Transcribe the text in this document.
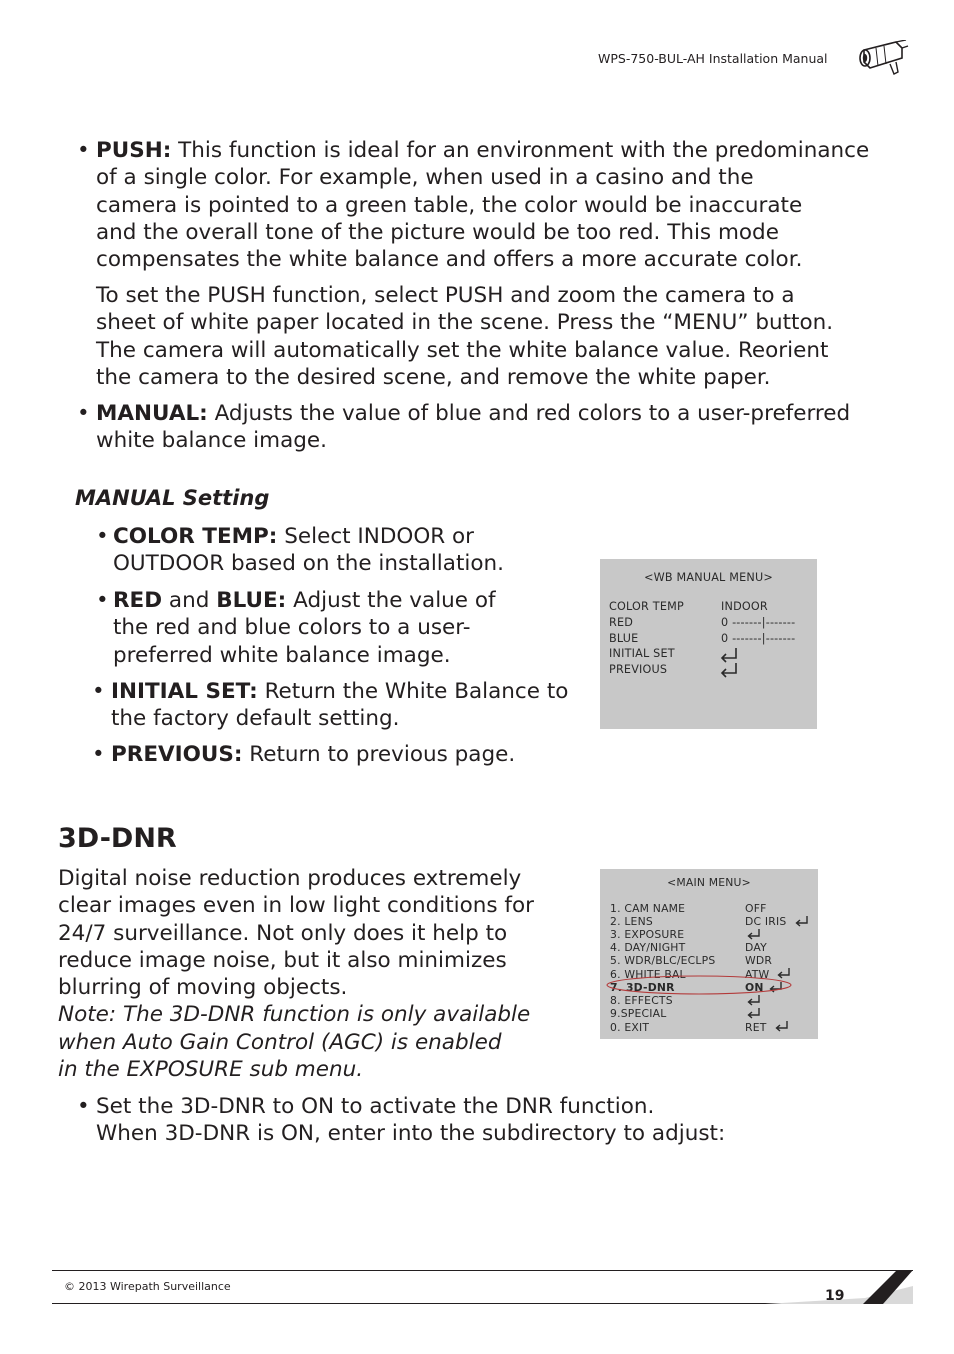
WPS-750-BUL-AH Installation Manual
• PUSH: This function is ideal for an environment with the predominance
of a single color. For example, when used in a casino and the
camera is pointed to a green table, the color would be inaccurate
and the overall tone of the picture would be too red. This mode
compensates the white balance and offers a more accurate color.
To set the PUSH function, select PUSH and zoom the camera to a
sheet of white paper located in the scene. Press the “MENU” button.
The camera will automatically set the white balance value. Reorient
the camera to the desired scene, and remove the white paper.
• MANUAL: Adjusts the value of blue and red colors to a user-preferred
white balance image.
MANUAL Setting
• COLOR TEMP: Select INDOOR or
OUTDOOR based on the installation.
• RED and BLUE: Adjust the value of
the red and blue colors to a user-
preferred white balance image.
• INITIAL SET: Return the White Balance to
the factory default setting.
• PREVIOUS: Return to previous page.
<WB MANUAL MENU>
COLOR TEMP	INDOOR
RED	0 -------|-------
BLUE	0 -------|-------
INITIAL SET
PREVIOUS
3D-DNR
Digital noise reduction produces extremely
clear images even in low light conditions for
24/7 surveillance. Not only does it help to
reduce image noise, but it also minimizes
blurring of moving objects.
Note: The 3D-DNR function is only available
when Auto Gain Control (AGC) is enabled
in the EXPOSURE sub menu.
• Set the 3D-DNR to ON to activate the DNR function.
When 3D-DNR is ON, enter into the subdirectory to adjust:
<MAIN MENU>
1. CAM NAME	OFF
2. LENS	DC IRIS
3. EXPOSURE
4. DAY/NIGHT	DAY
5. WDR/BLC/ECLPS	WDR
6. WHITE BAL	ATW
7. 3D-DNR	ON
8. EFFECTS
9.SPECIAL
0. EXIT	RET
© 2013 Wirepath Surveillance
19
